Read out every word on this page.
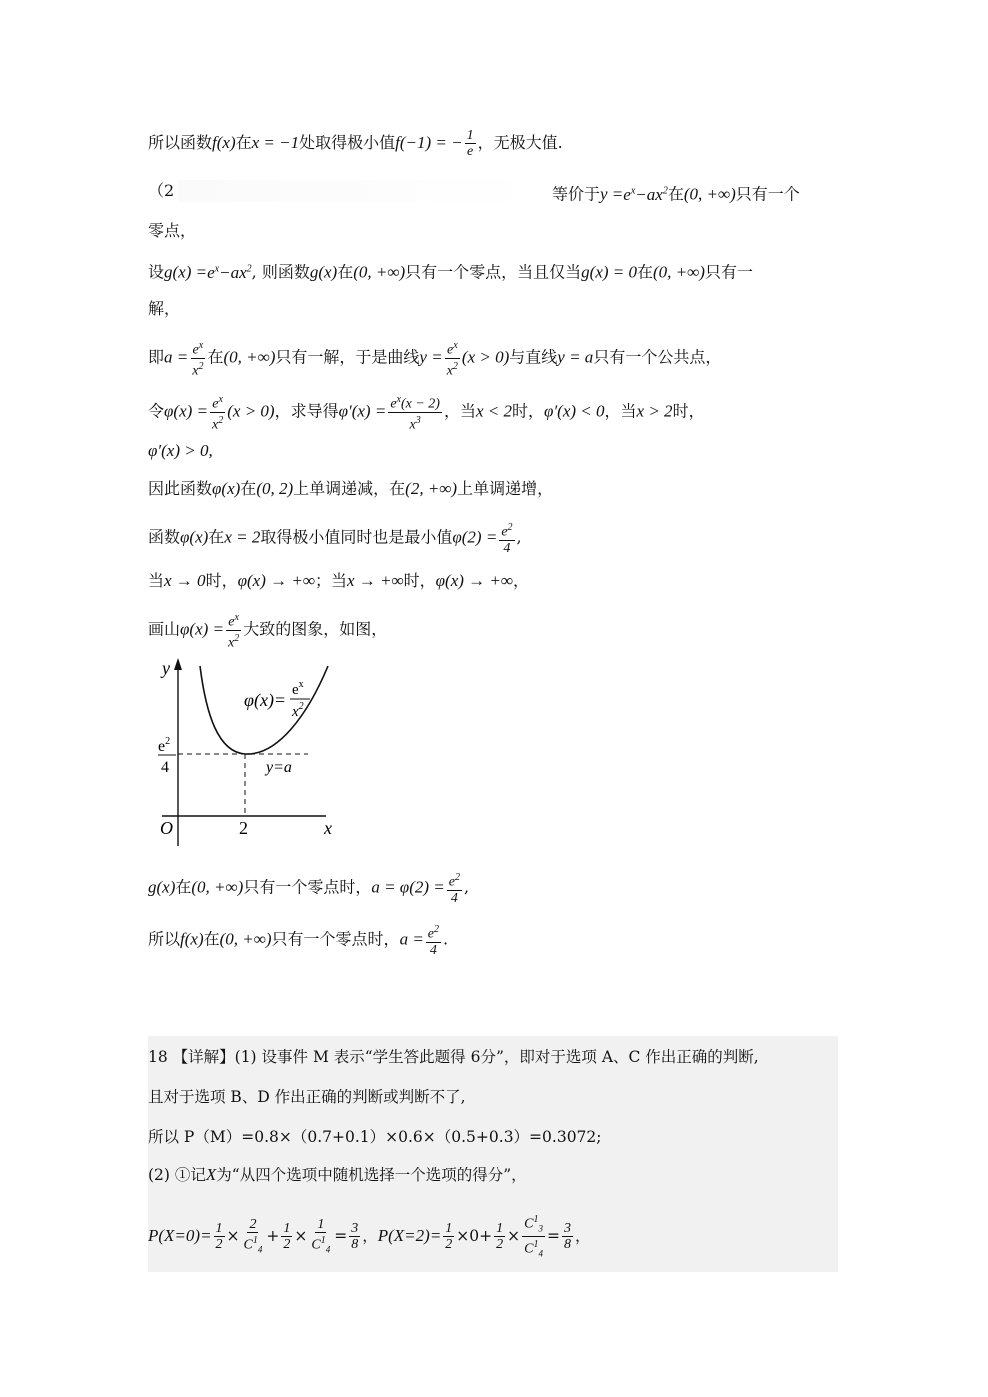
所以函数f(x)在x = −1处取得极小值f(−1) = − $\frac{1}{e}$ ，无极大值.
（2	等价于$y =e^x-ax^2$在(0, +∞)只有一个
零点，
设$g(x) =e^x-ax^2$, 则函数g(x)在(0, +∞)只有一个零点，当且仅当g(x) = 0在(0, +∞)只有一
解，
即$a = \frac{e^x}{x^2}$ 在(0, +∞)只有一解，于是曲线$y = \frac{e^x}{x^2} (x > 0)$与直线y = a只有一个公共点，
令$\varphi(x) = \frac{e^x}{x^2} (x > 0)$，求导得$\varphi'(x) = \frac{e^x(x - 2)}{x^3}$ ，当x < 2时，φ′(x) < 0，当x > 2时，
φ′(x) > 0,
因此函数φ(x)在(0, 2)上单调递减，在(2, +∞)上单调递增，
函数φ(x)在x = 2取得极小值同时也是最小值$\varphi(2) = \frac{e^2}{4}$ ,
当x → 0时，φ(x) → +∞；当x → +∞时，φ(x) → +∞，
画山$\varphi(x) = \frac{e^x}{x^2}$ 大致的图象，如图，
y
x
O	2
$e^2$
4
$\varphi(x)= e^x$
$x^2$
y=a
g(x)在(0, +∞)只有一个零点时，$a = \varphi(2) = \frac{e^2}{4}$ ,
所以f(x)在(0, +∞)只有一个零点时，$a = \frac{e^2}{4}$ .
18 【详解】(1) 设事件 M 表示“学生答此题得 6分”，即对于选项 A、C 作出正确的判断,
且对于选项 B、D 作出正确的判断或判断不了,
所以 P（M）=0.8×（0.7+0.1）×0.6×（0.5+0.3）=0.3072;
(2) ①记X为“从四个选项中随机选择一个选项的得分”，
$P(X=0)= \frac{1}{2} \times \frac{2}{C^1_4} + \frac{1}{2} \times \frac{1}{C^1_4} = \frac{3}{8}$ ，$P(X=2)= \frac{1}{2} \times 0+ \frac{1}{2} \times \frac{C^1_3}{C^1_4} = \frac{3}{8}$ ，
